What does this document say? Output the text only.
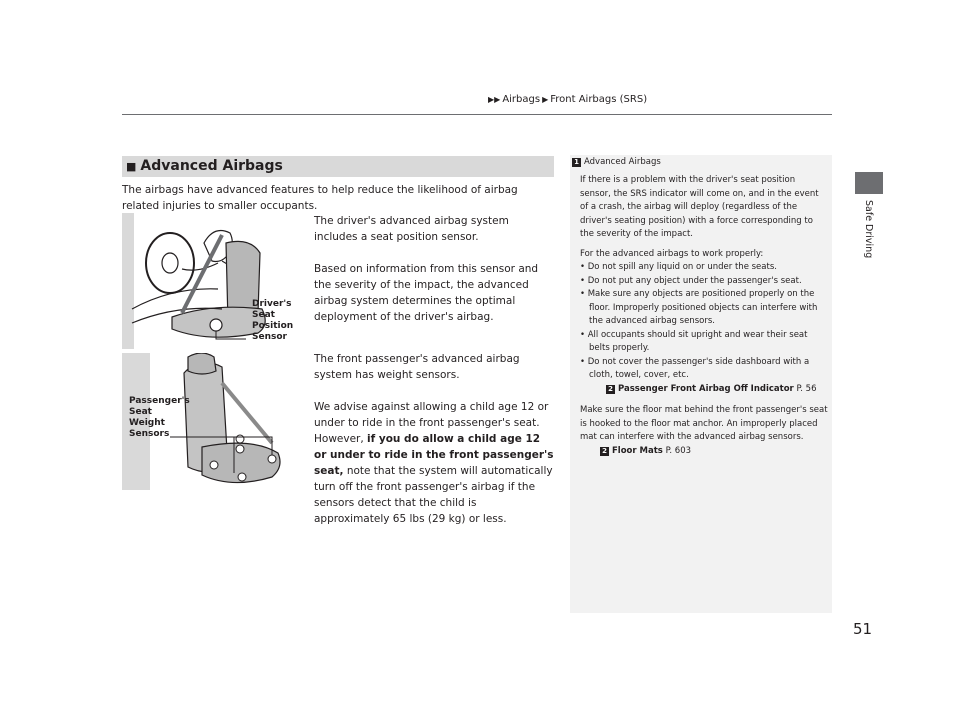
▶▶ Airbags ▶ Front Airbags (SRS)
Safe Driving
■ Advanced Airbags
The airbags have advanced features to help reduce the likelihood of airbag related injuries to smaller occupants.
The driver's advanced airbag system includes a seat position sensor.
Based on information from this sensor and the severity of the impact, the advanced airbag system determines the optimal deployment of the driver's airbag.
The front passenger's advanced airbag system has weight sensors.
We advise against allowing a child age 12 or under to ride in the front passenger's seat. However, if you do allow a child age 12 or under to ride in the front passenger's seat, note that the system will automatically turn off the front passenger's airbag if the sensors detect that the child is approximately 65 lbs (29 kg) or less.
Driver's
Seat
Position
Sensor
Passenger's
Seat
Weight
Sensors
1 Advanced Airbags

If there is a problem with the driver's seat position sensor, the SRS indicator will come on, and in the event of a crash, the airbag will deploy (regardless of the driver's seating position) with a force corresponding to the severity of the impact.

For the advanced airbags to work properly:

• Do not spill any liquid on or under the seats.
• Do not put any object under the passenger's seat.
• Make sure any objects are positioned properly on the floor. Improperly positioned objects can interfere with the advanced airbag sensors.
• All occupants should sit upright and wear their seat belts properly.
• Do not cover the passenger's side dashboard with a cloth, towel, cover, etc.
2 Passenger Front Airbag Off Indicator P. 56

Make sure the floor mat behind the front passenger's seat is hooked to the floor mat anchor. An improperly placed mat can interfere with the advanced airbag sensors.

2 Floor Mats P. 603
51
